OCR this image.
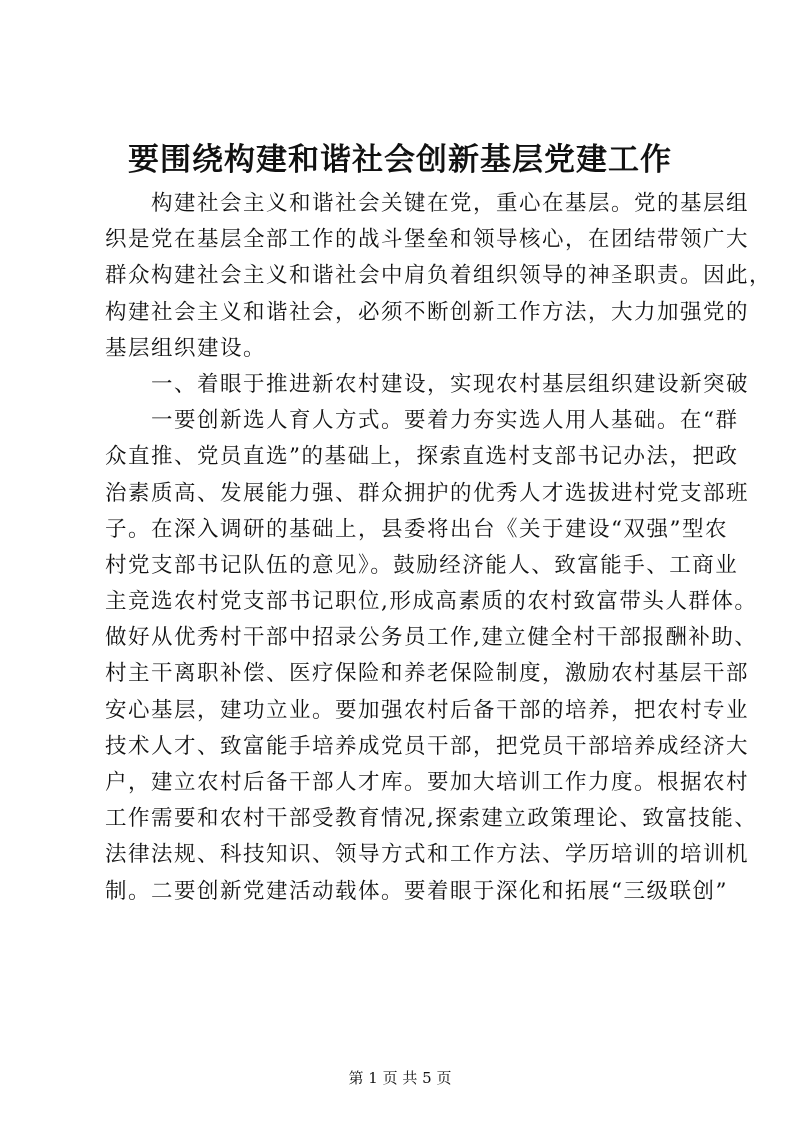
要围绕构建和谐社会创新基层党建工作
　　构建社会主义和谐社会关键在党，重心在基层。党的基层组
织是党在基层全部工作的战斗堡垒和领导核心，在团结带领广大
群众构建社会主义和谐社会中肩负着组织领导的神圣职责。因此，
构建社会主义和谐社会，必须不断创新工作方法，大力加强党的
基层组织建设。
　　一、着眼于推进新农村建设，实现农村基层组织建设新突破
　　一要创新选人育人方式。要着力夯实选人用人基础。在“群
众直推、党员直选”的基础上，探索直选村支部书记办法，把政
治素质高、发展能力强、群众拥护的优秀人才选拔进村党支部班
子。在深入调研的基础上，县委将出台《关于建设“双强”型农
村党支部书记队伍的意见》。鼓励经济能人、致富能手、工商业
主竞选农村党支部书记职位,形成高素质的农村致富带头人群体。
做好从优秀村干部中招录公务员工作,建立健全村干部报酬补助、
村主干离职补偿、医疗保险和养老保险制度，激励农村基层干部
安心基层，建功立业。要加强农村后备干部的培养，把农村专业
技术人才、致富能手培养成党员干部，把党员干部培养成经济大
户，建立农村后备干部人才库。要加大培训工作力度。根据农村
工作需要和农村干部受教育情况,探索建立政策理论、致富技能、
法律法规、科技知识、领导方式和工作方法、学历培训的培训机
制。二要创新党建活动载体。要着眼于深化和拓展“三级联创”
第 1 页 共 5 页
